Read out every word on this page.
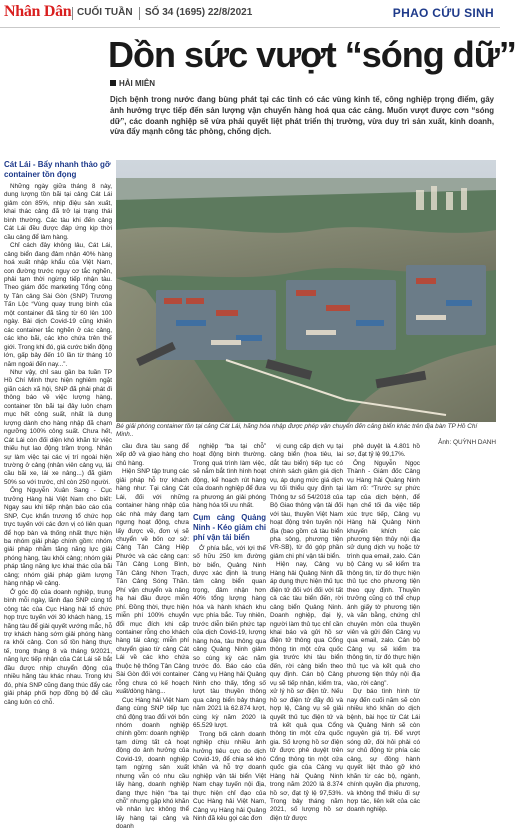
Nhân Dân CUỐI TUẦN SỐ 34 (1695) 22/8/2021	PHAO CỨU SINH
Dồn sức vượt “sóng dữ”
HẢI MIÊN

Dịch bệnh trong nước đang bùng phát tại các tỉnh có các vùng kinh tế, công nghiệp trọng điểm, gây ảnh hưởng trực tiếp đến sản lượng vận chuyển hàng hoá qua các cảng. Muốn vượt được cơn “sóng dữ”, các doanh nghiệp sẽ vừa phải quyết liệt phát triển thị trường, vừa duy trì sản xuất, kinh doanh, vừa đẩy mạnh công tác phòng, chống dịch.

Cát Lái - Bẩy nhanh thảo gỡ container tồn đọng

Những ngày giữa tháng 8 này, dung lượng tồn bãi tại cảng Cát Lái giảm còn 85%, nhịp điệu sản xuất, khai thác cảng đã trở lại trạng thái bình thường. Các tàu khi đến cảng Cát Lái đều được đáp ứng kịp thời cầu cảng để làm hàng.

Chỉ cách đây không lâu, Cát Lái, cảng biển đang đảm nhận 40% hàng hoá xuất nhập khẩu của Việt Nam, con đường trước nguy cơ tắc nghẽn, phải tạm thời ngừng tiếp nhận tàu. Theo giám đốc marketing Tổng công ty Tân cảng Sài Gòn (SNP) Trương Tấn Lộc “Vùng quay trung bình của một container đã tăng từ 60 lên 100 ngày. Bài dịch Covid-19 cũng khiến các container tắc nghẽn ở các cảng, các kho bãi, các kho chứa trên thế giới. Trong khi đó, giá cước biển động lớn, gấp bảy đến 10 lần từ tháng 10 năm ngoái đến nay...”.

Như vậy, chỉ sau gần ba tuần TP Hồ Chí Minh thực hiện nghiêm ngặt giãn cách xã hội, SNP đã phải phát đi thông báo về việc lượng hàng, container tồn bãi tại đây luôn chạm mục hết công suất, nhất là dung lượng dành cho hàng nhập đã chạm ngưỡng 100% công suất. Chưa hết, Cát Lái còn đối diện khó khăn từ việc thiếu hụt lao động trầm trọng. Nhân sự làm việc tại các vị trí ngoài hiện trường ở cảng (nhân viên cảng vụ, lái cầu bãi xe, lái xe nâng...) đã giảm 50% so với trước, chỉ còn 250 người.

Ông Nguyễn Xuân Sang - Cục trưởng Hàng hải Việt Nam cho biết: Ngay sau khi tiếp nhận báo cáo của SNP, Cục khẩn trương tổ chức họp trực tuyến với các đơn vị có liên quan để họp bàn và thống nhất thực hiện ba nhóm giải pháp chính gồm: nhóm giải pháp nhằm tăng năng lực giải phóng hàng, tàu khỏi cảng; nhóm giải pháp tăng năng lực khai thác của bãi cảng; nhóm giải pháp giảm lượng hàng nhập về cảng.

Ở góc độ của doanh nghiệp, trung bình mỗi ngày, lãnh đạo SNP cùng tổ công tác của Cục Hàng hải tổ chức họp trực tuyến với 30 khách hàng, 15 hãng tàu để giải quyết vướng mắc, hỗ trợ khách hàng sớm giải phóng hàng ra khỏi cảng. Con số tồn hàng thực tế, trong tháng 8 và tháng 9/2021, năng lực tiếp nhận của Cát Lái sẽ bắt đầu được nhịp chuyển động của nhiều hãng tàu khác nhau. Trong khi đó, phía SNP cũng đang thúc đẩy các giải pháp phối hợp đồng bộ để cầu cảng luôn có chỗ.

Bé giải phóng container tồn tại cảng Cát Lái, hãng hóa nhập được phép vận chuyển đến cảng biển khác trên địa bàn TP Hồ Chí Minh..
Ảnh: QUỲNH DANH

cầu đưa tàu sang để xếp dỡ và giao hàng cho chủ hàng.

Hiện SNP tập trung các giải pháp hỗ trợ khách hàng như: Tại cảng Cát Lái, đối với những container hàng nhập của các nhà máy đang tạm ngưng hoạt động, chưa lấy được về, đơn vị sẽ chuyển về bốn cơ sở: Cảng Tân Cảng Hiệp Phước và các cảng cạn: Tân Cảng Long Bình, Tân Cảng Nhơn Trạch, Tân Cảng Sóng Thần. Phí vận chuyển và nâng hạ hai đầu được miễn phí. Đồng thời, thực hiện miễn phí 100% chuyển đổi mục đích khi cấp container rỗng cho khách hàng tái cảng; miễn phí chuyển giao từ cảng Cát Lái về các kho chứa thuộc hệ thống Tân Cảng Sài Gòn đối với container rỗng chưa có kế hoạch xuất/dòng hàng...

Cục Hàng hải Việt Nam đang cùng SNP tiếp tục chủ động trao đổi với bốn nhóm doanh nghiệp chính gồm: doanh nghiệp tạm dừng tất cả hoạt động do ảnh hưởng của Covid-19, doanh nghiệp tạm ngừng sản xuất nhưng vẫn có nhu cầu lấy hàng, doanh nghiệp đang thực hiện “ba tại chỗ” nhưng gặp khó khăn về nhân lực không thể lấy hàng tại cảng và doanh

nghiệp “ba tại chỗ” hoạt động bình thường. Trong quá trình làm việc, sẽ nắm bắt tình hình hoạt động, kế hoạch rút hàng của doanh nghiệp để đưa ra phương án giải phóng hàng hóa tối ưu nhất.

Cụm cảng Quảng Ninh - Kéo giảm chi phí vận tải biển

Ở phía bắc, với lợi thế số hữu 250 km đường bờ biển, Quảng Ninh được xác định là trung tâm cảng biển quan trọng, đảm nhận hơn 40% tổng lượng hàng hóa và hành khách khu vực phía bắc. Tuy nhiên, trước diễn biến phức tạp của dịch Covid-19, lượng hàng hóa, tàu thông qua cảng Quảng Ninh giảm so cùng kỳ các năm trước đó. Báo cáo của Cảng vụ Hàng hải Quảng Ninh cho thấy, tổng số lượt tàu thuyền thông qua cảng biển bảy tháng năm 2021 là 62.874 lượt, cùng kỳ năm 2020 là 65.529 lượt.

Trong bối cảnh doanh nghiệp chịu nhiều ảnh hưởng tiêu cực do dịch Covid-19, để chia sẻ khó khăn và hỗ trợ doanh nghiệp vận tải biển Việt Nam chạy tuyến nội địa, thực hiện chỉ đạo của Cục Hàng hải Việt Nam, Cảng vụ Hàng hải Quảng Ninh đã kêu gọi các đơn

vị cung cấp dịch vụ tại cảng biển (hoa tiêu, lai dắt tàu biển) tiếp tục có chính sách giảm giá dịch vụ, áp dụng mức giá dịch vụ tối thiểu quy định tại Thông tư số 54/2018 của Bộ Giao thông vận tải đối với tàu, thuyền Việt Nam hoạt động trên tuyến nội địa (bao gồm cả tàu biển pha sông, phương tiện VR-SB), từ đó góp phần giảm chi phí vận tải biển.

Hiện nay, Cảng vụ Hàng hải Quảng Ninh đã áp dụng thực hiện thủ tục điện tử đối với đối với tất cả các tàu biển đến, rời cảng biển Quảng Ninh. Doanh nghiệp, đại lý, người làm thủ tục chỉ cần khai báo và gửi hồ sơ điện tử thông qua Cổng thông tin một cửa quốc gia trước khi tàu biển đến, rời cảng biển theo quy định. Cán bộ Cảng vụ sẽ tiếp nhận, kiểm tra, xử lý hồ sơ điện tử. Nếu hồ sơ điện tử đầy đủ và hợp lệ, Cảng vụ sẽ giải quyết thủ tục điện tử và trả kết quả qua Cổng thông tin một cửa quốc gia. Số lượng hồ sơ điện tử được phê duyệt trên Cổng thông tin một cửa quốc gia của Cảng vụ Hàng hải Quảng Ninh trong năm 2020 là 8.374 hồ sơ, đạt tỷ lệ 97,53%. Trong bảy tháng năm 2021, số lượng hồ sơ điện tử được

phê duyệt là 4.801 hồ sơ, đạt tỷ lệ 99,17%.

Ông Nguyễn Ngọc Thành - Giám đốc Cảng vụ Hàng hải Quảng Ninh làm rõ: “Trước sự phức tạp của dịch bệnh, để hạn chế tối đa việc tiếp xúc trực tiếp, Cảng vụ Hàng hải Quảng Ninh khuyến khích các phương tiện thủy nội địa sử dụng dịch vụ hoặc tờ trình qua email, zalo. Cán bộ Cảng vụ sẽ kiểm tra thông tin, từ đó thực hiện thủ tục cho phương tiện theo quy định. Thuyền trưởng cũng có thể chụp ảnh giấy tờ phương tiện và văn bằng, chứng chỉ chuyên môn của thuyền viên và gửi đến Cảng vụ qua email, zalo. Cán bộ Cảng vụ sẽ kiểm tra thông tin, từ đó thực hiện thủ tục và kết quả cho phương tiện thủy nội địa vào, rời cảng”.

Dự báo tình hình từ nay đến cuối năm sẽ còn nhiều khó khăn do dịch bệnh, bài học từ Cát Lái và Quảng Ninh sẽ còn nguyên giá trị. Để vượt sóng dữ, đòi hỏi phải có sự chủ động từ phía các cảng, sự đồng hành quyết liệt thảo gỡ khó khăn từ các bộ, ngành, chính quyền địa phương, và không thể thiếu đi sự hợp tác, liên kết của các doanh nghiệp.
